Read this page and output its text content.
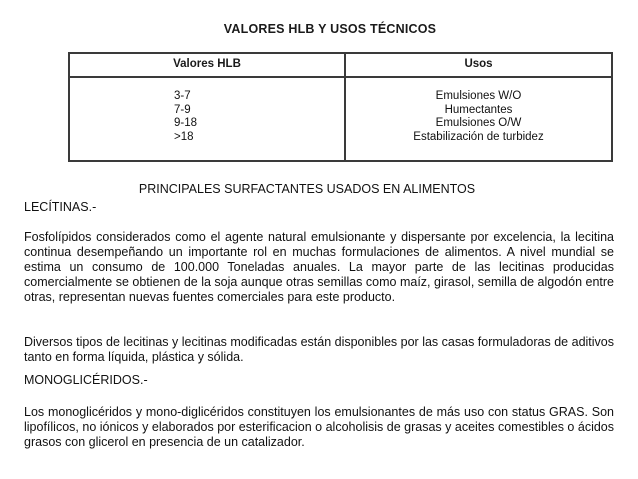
VALORES HLB Y USOS TÉCNICOS
Valores HLB	Usos
3-7
7-9
9-18
>18
Emulsiones W/O
Humectantes
Emulsiones O/W
Estabilización de turbidez
PRINCIPALES SURFACTANTES USADOS EN ALIMENTOS
LECÍTINAS.-
Fosfolípidos considerados como el agente natural emulsionante y dispersante por excelencia, la lecitina continua desempeñando un importante rol en muchas formulaciones de alimentos. A nivel mundial se estima un consumo de 100.000 Toneladas anuales. La mayor parte de las lecitinas producidas comercialmente se obtienen de la soja aunque otras semillas como maíz, girasol, semilla de algodón entre otras, representan nuevas fuentes comerciales para este producto.
Diversos tipos de lecitinas y lecitinas modificadas están disponibles por las casas formuladoras de aditivos tanto en forma líquida, plástica y sólida.
MONOGLICÉRIDOS.-
Los monoglicéridos y mono-diglicéridos constituyen los emulsionantes de más uso con status GRAS. Son lipofílicos, no iónicos y elaborados por esterificacion o alcoholisis de grasas y aceites comestibles o ácidos grasos con glicerol en presencia de un catalizador.
